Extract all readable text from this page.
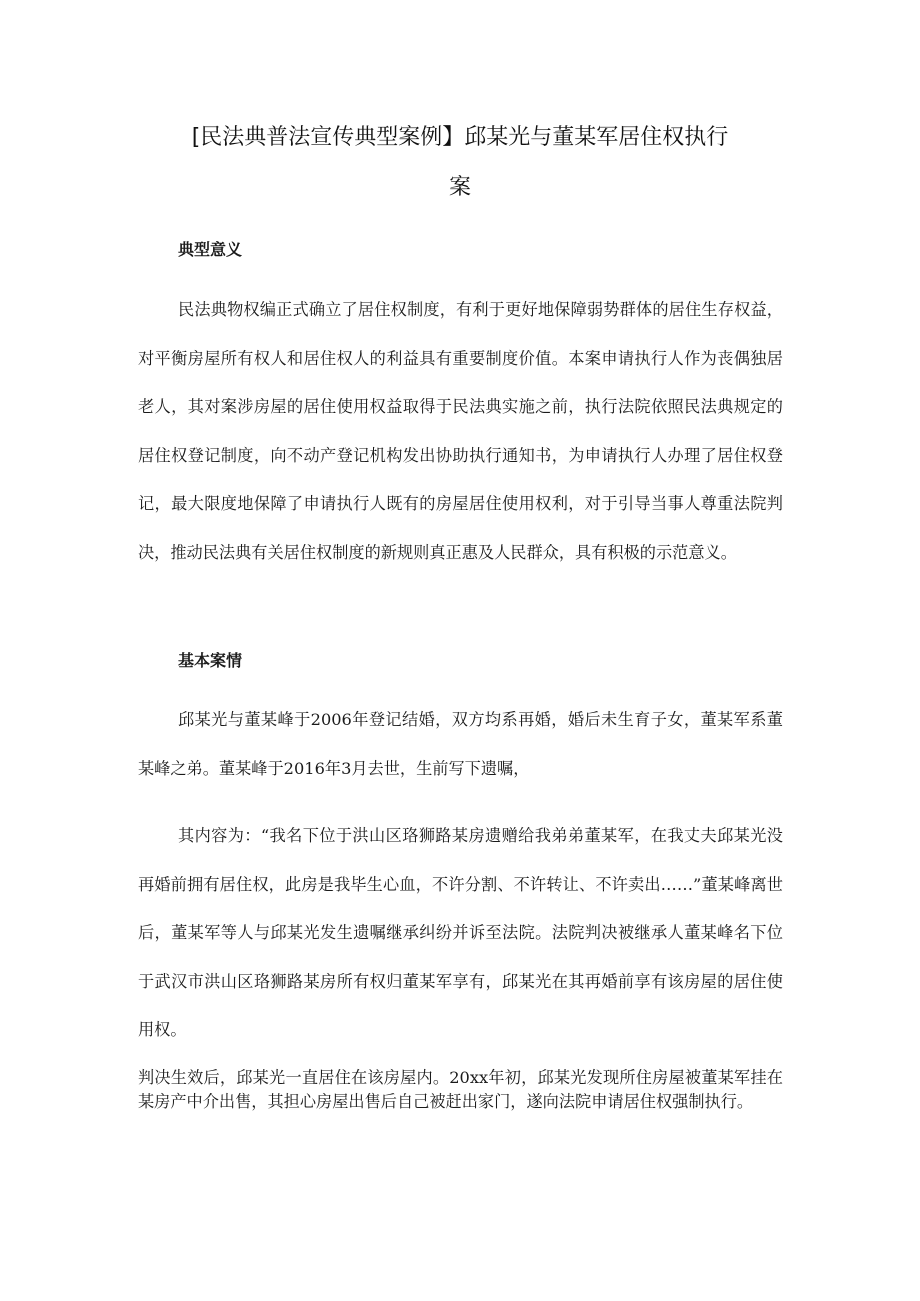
[民法典普法宣传典型案例】邱某光与董某军居住权执行
案
典型意义

民法典物权编正式确立了居住权制度，有利于更好地保障弱势群体的居住生存权益，对平衡房屋所有权人和居住权人的利益具有重要制度价值。本案申请执行人作为丧偶独居老人，其对案涉房屋的居住使用权益取得于民法典实施之前，执行法院依照民法典规定的居住权登记制度，向不动产登记机构发出协助执行通知书，为申请执行人办理了居住权登记，最大限度地保障了申请执行人既有的房屋居住使用权利，对于引导当事人尊重法院判决，推动民法典有关居住权制度的新规则真正惠及人民群众，具有积极的示范意义。

基本案情

邱某光与董某峰于2006年登记结婚，双方均系再婚，婚后未生育子女，董某军系董某峰之弟。董某峰于2016年3月去世，生前写下遗嘱，

其内容为：“我名下位于洪山区珞狮路某房遗赠给我弟弟董某军，在我丈夫邱某光没再婚前拥有居住权，此房是我毕生心血，不许分割、不许转让、不许卖出……”董某峰离世后，董某军等人与邱某光发生遗嘱继承纠纷并诉至法院。法院判决被继承人董某峰名下位于武汉市洪山区珞狮路某房所有权归董某军享有，邱某光在其再婚前享有该房屋的居住使用权。

判决生效后，邱某光一直居住在该房屋内。20xx年初，邱某光发现所住房屋被董某军挂在某房产中介出售，其担心房屋出售后自己被赶出家门，遂向法院申请居住权强制执行。
